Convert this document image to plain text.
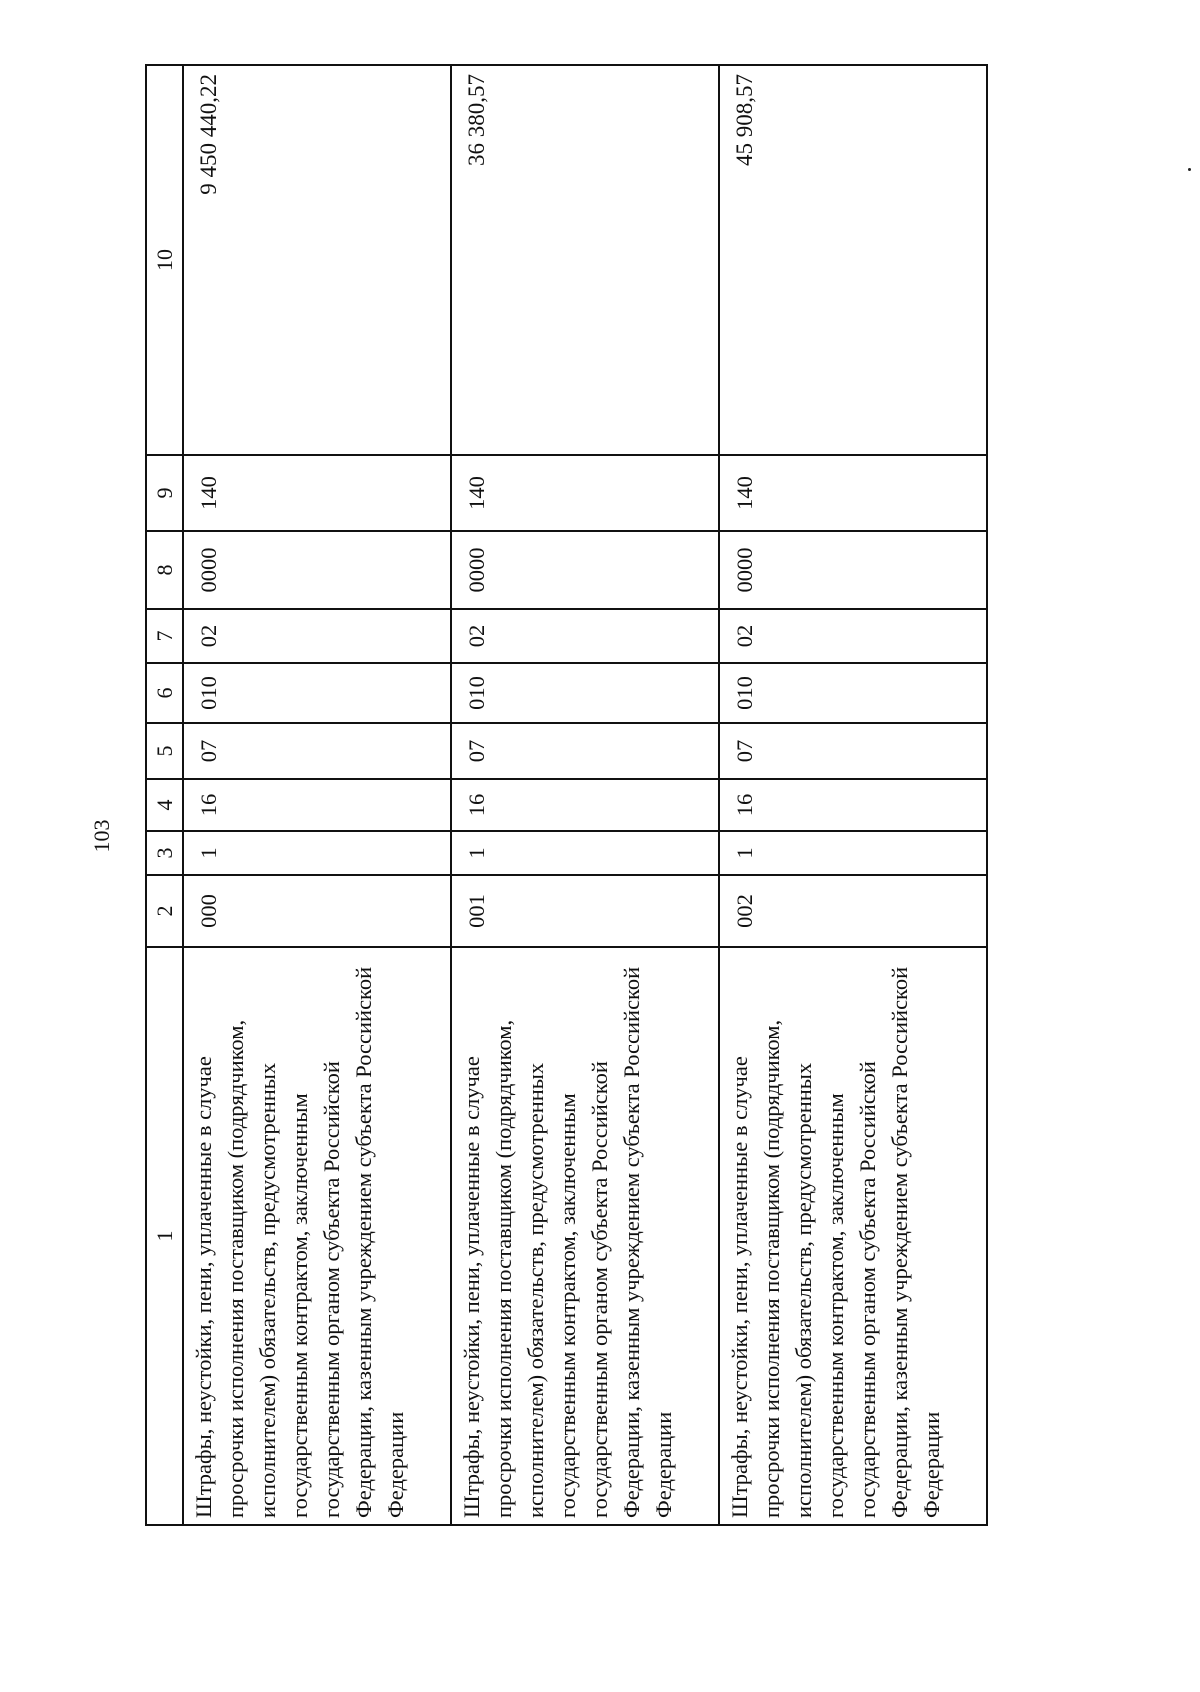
103
1	2	3	4	5	6	7	8	9	10
Штрафы, неустойки, пени, уплаченные в случае просрочки исполнения поставщиком (подрядчиком, исполнителем) обязательств, предусмотренных государственным контрактом, заключенным государственным органом субъекта Российской Федерации, казенным учреждением субъекта Российской Федерации	000	1	16	07	010	02	0000	140	9 450 440,22
Штрафы, неустойки, пени, уплаченные в случае просрочки исполнения поставщиком (подрядчиком, исполнителем) обязательств, предусмотренных государственным контрактом, заключенным государственным органом субъекта Российской Федерации, казенным учреждением субъекта Российской Федерации	001	1	16	07	010	02	0000	140	36 380,57
Штрафы, неустойки, пени, уплаченные в случае просрочки исполнения поставщиком (подрядчиком, исполнителем) обязательств, предусмотренных государственным контрактом, заключенным государственным органом субъекта Российской Федерации, казенным учреждением субъекта Российской Федерации	002	1	16	07	010	02	0000	140	45 908,57
